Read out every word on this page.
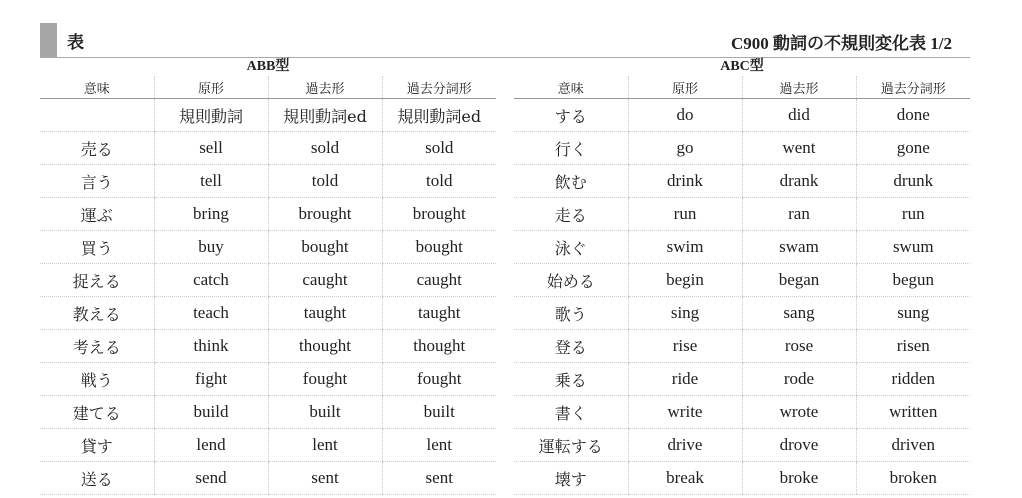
表	C900 動詞の不規則変化表 1/2
ABB型
意味	原形	過去形	過去分詞形
	規則動詞	規則動詞ed	規則動詞ed
売る	sell	sold	sold
言う	tell	told	told
運ぶ	bring	brought	brought
買う	buy	bought	bought
捉える	catch	caught	caught
教える	teach	taught	taught
考える	think	thought	thought
戦う	fight	fought	fought
建てる	build	built	built
貸す	lend	lent	lent
送る	send	sent	sent
ABC型
意味	原形	過去形	過去分詞形
する	do	did	done
行く	go	went	gone
飲む	drink	drank	drunk
走る	run	ran	run
泳ぐ	swim	swam	swum
始める	begin	began	begun
歌う	sing	sang	sung
登る	rise	rose	risen
乗る	ride	rode	ridden
書く	write	wrote	written
運転する	drive	drove	driven
壊す	break	broke	broken
